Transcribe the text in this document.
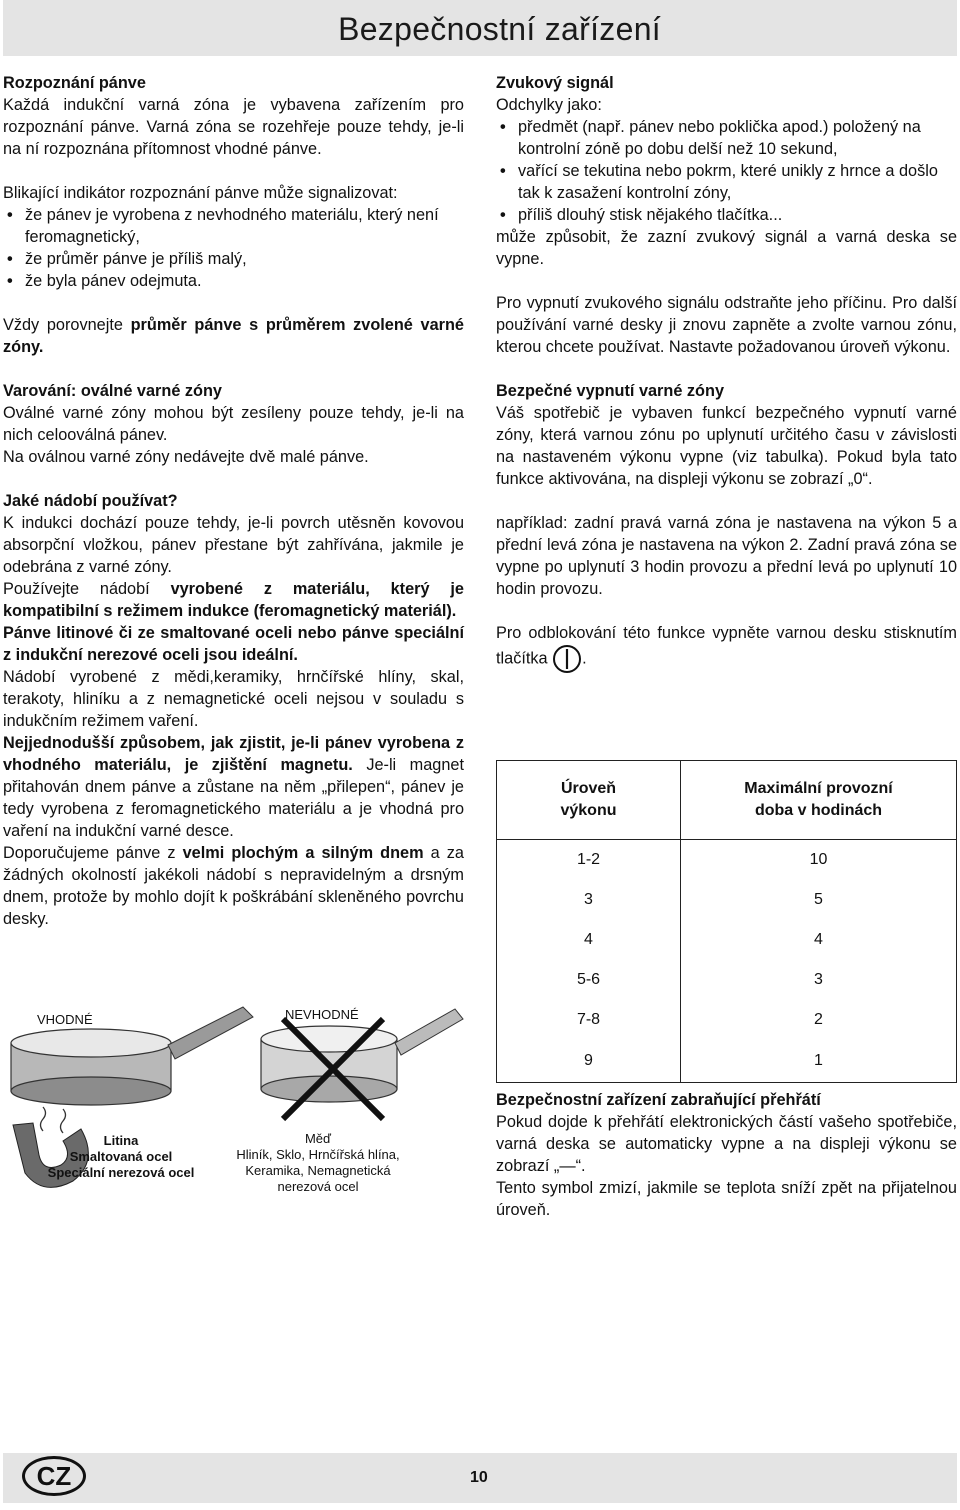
Bezpečnostní zařízení

Rozpoznání pánve

Každá indukční varná zóna je vybavena zařízením pro rozpoznání pánve. Varná zóna se rozehřeje pouze tehdy, je-li na ní rozpoznána přítomnost vhodné pánve.

Blikající indikátor rozpoznání pánve může signalizovat:

• že pánev je vyrobena z nevhodného materiálu, který není feromagnetický,
• že průměr pánve je příliš malý,
• že byla pánev odejmuta.

Vždy porovnejte průměr pánve s průměrem zvolené varné zóny.

Varování: oválné varné zóny

Oválné varné zóny mohou být zesíleny pouze tehdy, je-li na nich celooválná pánev.

Na oválnou varné zóny nedávejte dvě malé pánve.

Jaké nádobí používat?

K indukci dochází pouze tehdy, je-li povrch utěsněn kovovou absorpční vložkou, pánev přestane být zahřívána, jakmile je odebrána z varné zóny.

Používejte nádobí vyrobené z materiálu, který je kompatibilní s režimem indukce (feromagnetický materiál).

Pánve litinové či ze smaltované oceli nebo pánve speciální z indukční nerezové oceli jsou ideální.

Nádobí vyrobené z mědi,keramiky, hrnčířské hlíny, skal, terakoty, hliníku a z nemagnetické oceli nejsou v souladu s indukčním režimem vaření.

Nejjednodušší způsobem, jak zjistit, je-li pánev vyrobena z vhodného materiálu, je zjištění magnetu. Je-li magnet přitahován dnem pánve a zůstane na něm „přilepen“, pánev je tedy vyrobena z feromagnetického materiálu a je vhodná pro vaření na indukční varné desce.

Doporučujeme pánve z velmi plochým a silným dnem a za žádných okolností jakékoli nádobí s nepravidelným a drsným dnem, protože by mohlo dojít k poškrábání skleněného povrchu desky.

VHODNÉ	NEVHODNÉ
Litina
Smaltovaná ocel
Speciální nerezová ocel
Měď
Hliník, Sklo, Hrnčířská hlína,
Keramika, Nemagnetická
nerezová ocel

Zvukový signál

Odchylky jako:

• předmět (např. pánev nebo poklička apod.) položený na kontrolní zóně po dobu delší než 10 sekund,
• vařící se tekutina nebo pokrm, které unikly z hrnce a došlo tak k zasažení kontrolní zóny,
• příliš dlouhý stisk nějakého tlačítka...

může způsobit, že zazní zvukový signál a varná deska se vypne.

Pro vypnutí zvukového signálu odstraňte jeho příčinu. Pro další používání varné desky ji znovu zapněte a zvolte varnou zónu, kterou chcete používat. Nastavte požadovanou úroveň výkonu.

Bezpečné vypnutí varné zóny

Váš spotřebič je vybaven funkcí bezpečného vypnutí varné zóny, která varnou zónu po uplynutí určitého času v závislosti na nastaveném výkonu vypne (viz tabulka). Pokud byla tato funkce aktivována, na displeji výkonu se zobrazí „0“.

například: zadní pravá varná zóna je nastavena na výkon 5 a přední levá zóna je nastavena na výkon 2. Zadní pravá zóna se vypne po uplynutí 3 hodin provozu a přední levá po uplynutí 10 hodin provozu.

Pro odblokování této funkce vypněte varnou desku stisknutím tlačítka .

Úroveň
výkonu	Maximální provozní
doba v hodinách
1-2	10
3	5
4	4
5-6	3
7-8	2
9	1

Bezpečnostní zařízení zabraňující přehřátí

Pokud dojde k přehřátí elektronických částí vašeho spotřebiče, varná deska se automaticky vypne a na displeji výkonu se zobrazí „—“.

Tento symbol zmizí, jakmile se teplota sníží zpět na přijatelnou úroveň.

CZ	10
